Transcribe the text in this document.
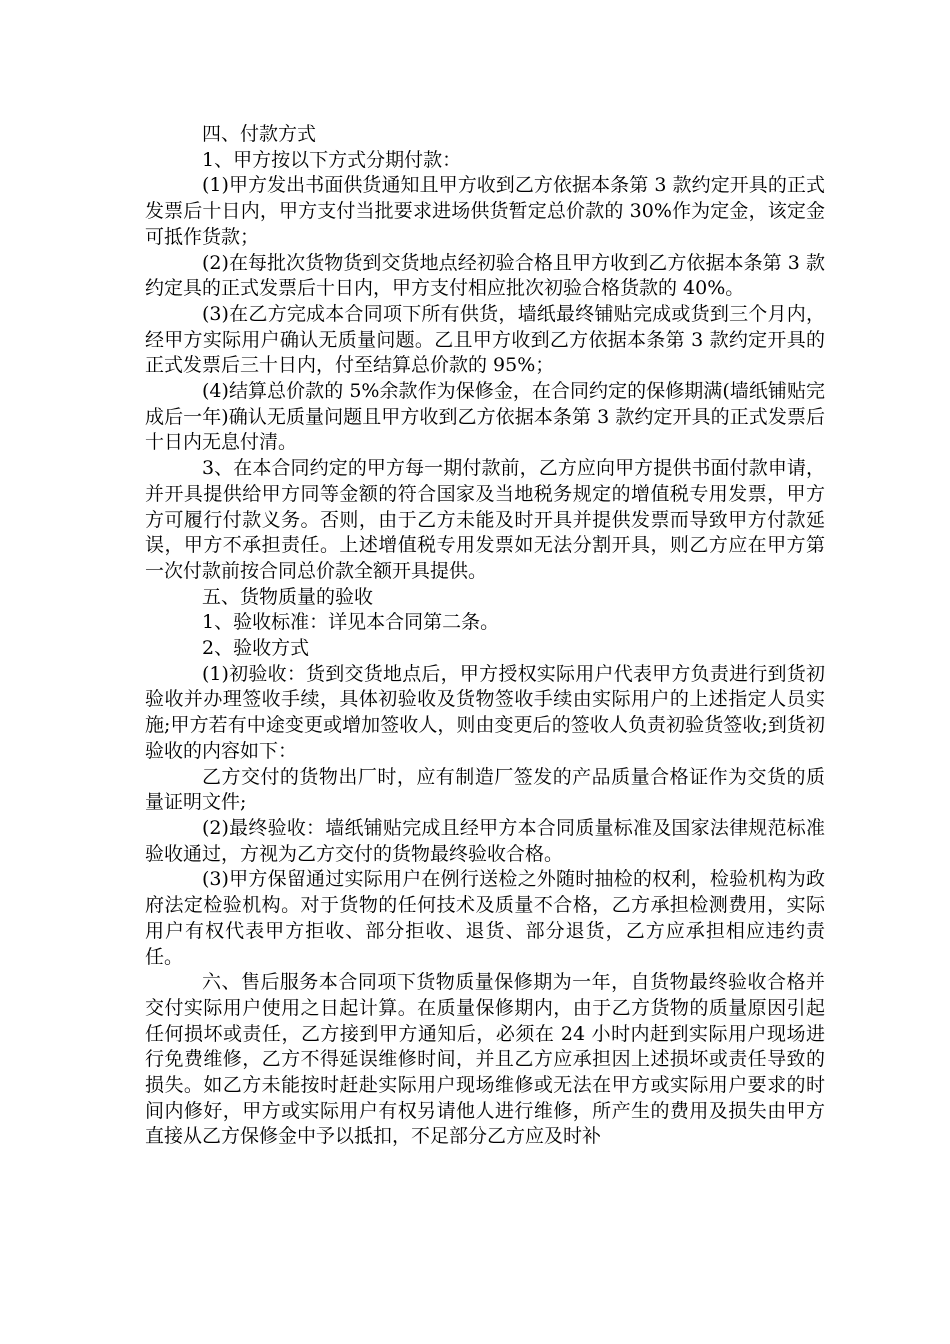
四、付款方式

1、甲方按以下方式分期付款：

(1)甲方发出书面供货通知且甲方收到乙方依据本条第 3 款约定开具的正式发票后十日内，甲方支付当批要求进场供货暂定总价款的 30%作为定金，该定金可抵作货款；

(2)在每批次货物货到交货地点经初验合格且甲方收到乙方依据本条第 3 款约定具的正式发票后十日内，甲方支付相应批次初验合格货款的 40%。

(3)在乙方完成本合同项下所有供货，墙纸最终铺贴完成或货到三个月内，经甲方实际用户确认无质量问题。乙且甲方收到乙方依据本条第 3 款约定开具的正式发票后三十日内，付至结算总价款的 95%；

(4)结算总价款的 5%余款作为保修金，在合同约定的保修期满(墙纸铺贴完成后一年)确认无质量问题且甲方收到乙方依据本条第 3 款约定开具的正式发票后十日内无息付清。

3、在本合同约定的甲方每一期付款前，乙方应向甲方提供书面付款申请，并开具提供给甲方同等金额的符合国家及当地税务规定的增值税专用发票，甲方方可履行付款义务。否则，由于乙方未能及时开具并提供发票而导致甲方付款延误，甲方不承担责任。上述增值税专用发票如无法分割开具，则乙方应在甲方第一次付款前按合同总价款全额开具提供。

五、货物质量的验收

1、验收标准：详见本合同第二条。

2、验收方式

(1)初验收：货到交货地点后，甲方授权实际用户代表甲方负责进行到货初验收并办理签收手续，具体初验收及货物签收手续由实际用户的上述指定人员实施;甲方若有中途变更或增加签收人，则由变更后的签收人负责初验货签收;到货初验收的内容如下：

乙方交付的货物出厂时，应有制造厂签发的产品质量合格证作为交货的质量证明文件;

(2)最终验收：墙纸铺贴完成且经甲方本合同质量标准及国家法律规范标准验收通过，方视为乙方交付的货物最终验收合格。

(3)甲方保留通过实际用户在例行送检之外随时抽检的权利，检验机构为政府法定检验机构。对于货物的任何技术及质量不合格，乙方承担检测费用，实际用户有权代表甲方拒收、部分拒收、退货、部分退货，乙方应承担相应违约责任。

六、售后服务本合同项下货物质量保修期为一年，自货物最终验收合格并交付实际用户使用之日起计算。在质量保修期内，由于乙方货物的质量原因引起任何损坏或责任，乙方接到甲方通知后，必须在 24 小时内赶到实际用户现场进行免费维修，乙方不得延误维修时间，并且乙方应承担因上述损坏或责任导致的损失。如乙方未能按时赶赴实际用户现场维修或无法在甲方或实际用户要求的时间内修好，甲方或实际用户有权另请他人进行维修，所产生的费用及损失由甲方直接从乙方保修金中予以抵扣，不足部分乙方应及时补
